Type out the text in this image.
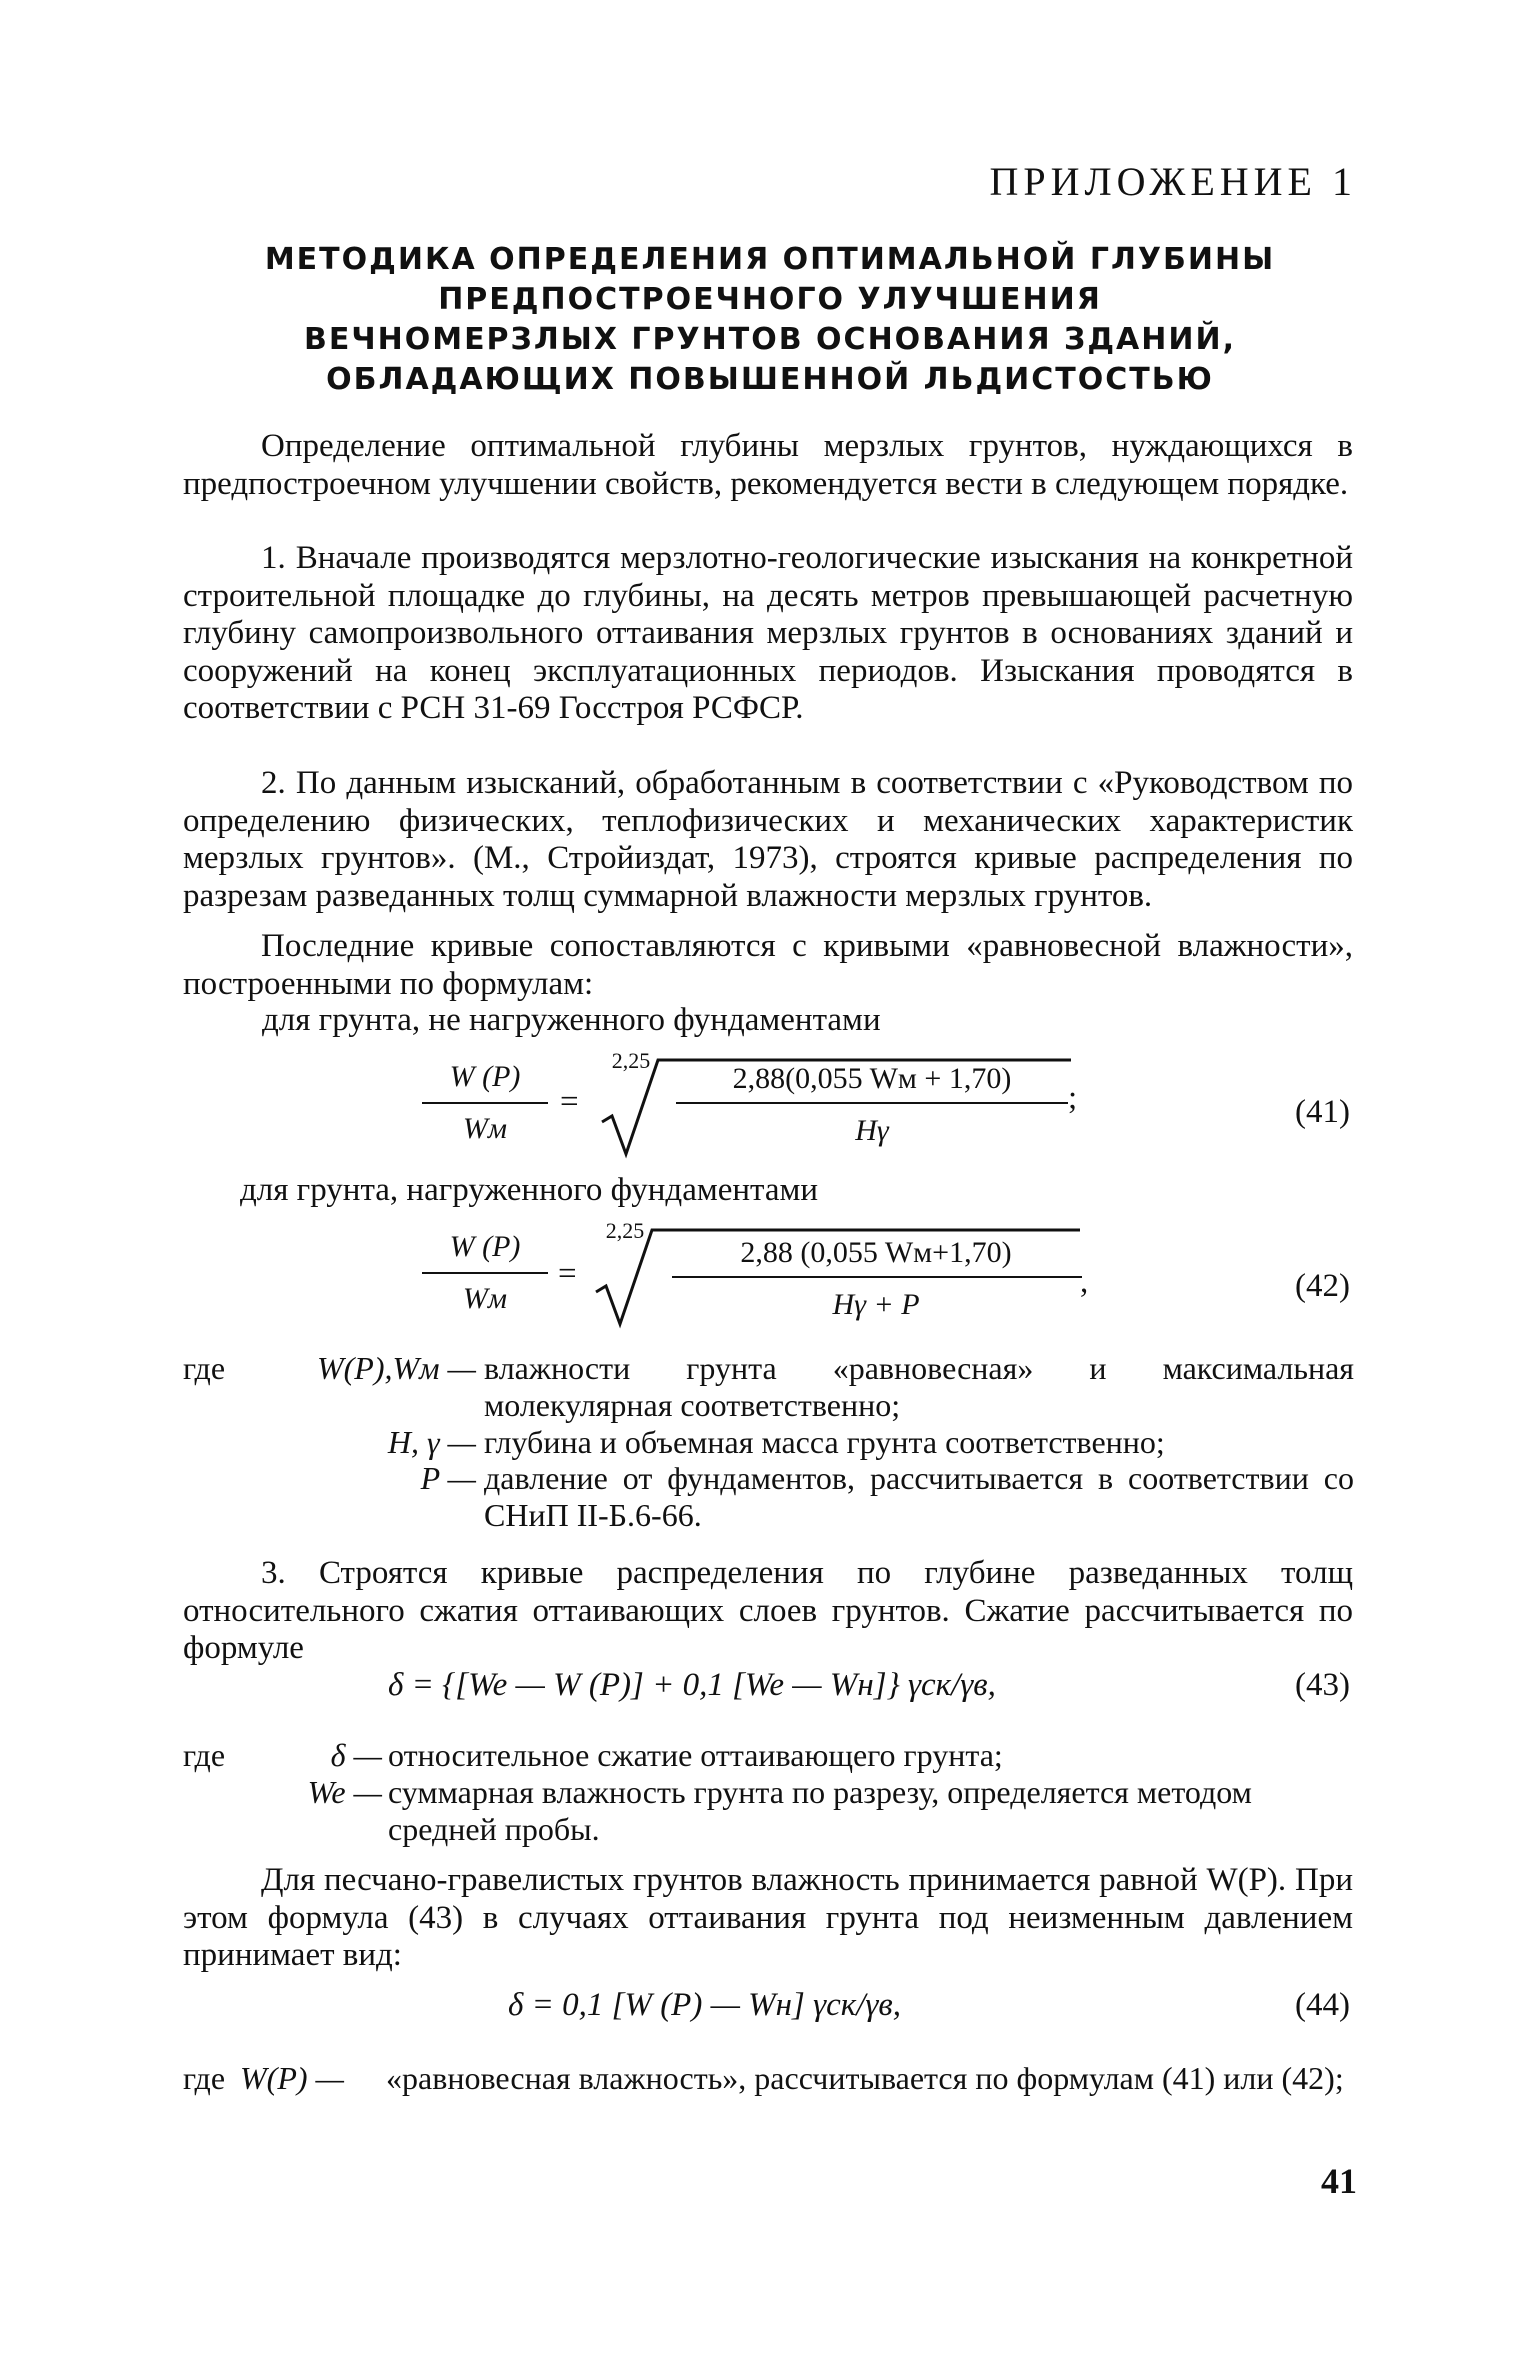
ПРИЛОЖЕНИЕ 1
МЕТОДИКА ОПРЕДЕЛЕНИЯ ОПТИМАЛЬНОЙ ГЛУБИНЫ
ПРЕДПОСТРОЕЧНОГО УЛУЧШЕНИЯ
ВЕЧНОМЕРЗЛЫХ ГРУНТОВ ОСНОВАНИЯ ЗДАНИЙ,
ОБЛАДАЮЩИХ ПОВЫШЕННОЙ ЛЬДИСТОСТЬЮ
Определение оптимальной глубины мерзлых грунтов, нуждающихся в предпостроечном улучшении свойств, рекомендуется вести в следующем порядке.
1. Вначале производятся мерзлотно-геологические изыскания на конкретной строительной площадке до глубины, на десять метров превышающей расчетную глубину самопроизвольного оттаивания мерзлых грунтов в основаниях зданий и сооружений на конец эксплуатационных периодов. Изыскания проводятся в соответствии с РСН 31-69 Госстроя РСФСР.
2. По данным изысканий, обработанным в соответствии с «Руководством по определению физических, теплофизических и механических характеристик мерзлых грунтов». (М., Стройиздат, 1973), строятся кривые распределения по разрезам разведанных толщ суммарной влажности мерзлых грунтов.
Последние кривые сопоставляются с кривыми «равновесной влажности», построенными по формулам:
для грунта, не нагруженного фундаментами
W (P)
Wм
=
2,25
2,88(0,055 Wм + 1,70)
Hγ
;	(41)
для грунта, нагруженного фундаментами
W (P)
Wм
=
2,25
2,88 (0,055 Wм+1,70)
Hγ + P
,	(42)
где	W(P),Wм — влажности грунта «равновесная» и максимальная молекулярная соответственно;
H, γ — глубина и объемная масса грунта соответственно;
P — давление от фундаментов, рассчитывается в соответствии со СНиП II-Б.6-66.
3. Строятся кривые распределения по глубине разведанных толщ относительного сжатия оттаивающих слоев грунтов. Сжатие рассчитывается по формуле
δ = {[We — W (P)] + 0,1 [We — Wн]} γск/γв,	(43)
где	δ — относительное сжатие оттаивающего грунта;
We — суммарная влажность грунта по разрезу, определяется методом средней пробы.
Для песчано-гравелистых грунтов влажность принимается равной W(P). При этом формула (43) в случаях оттаивания грунта под неизменным давлением принимает вид:
δ = 0,1 [W (P) — Wн] γск/γв,	(44)
где W(P) —	«равновесная влажность», рассчитывается по формулам (41) или (42);
41
